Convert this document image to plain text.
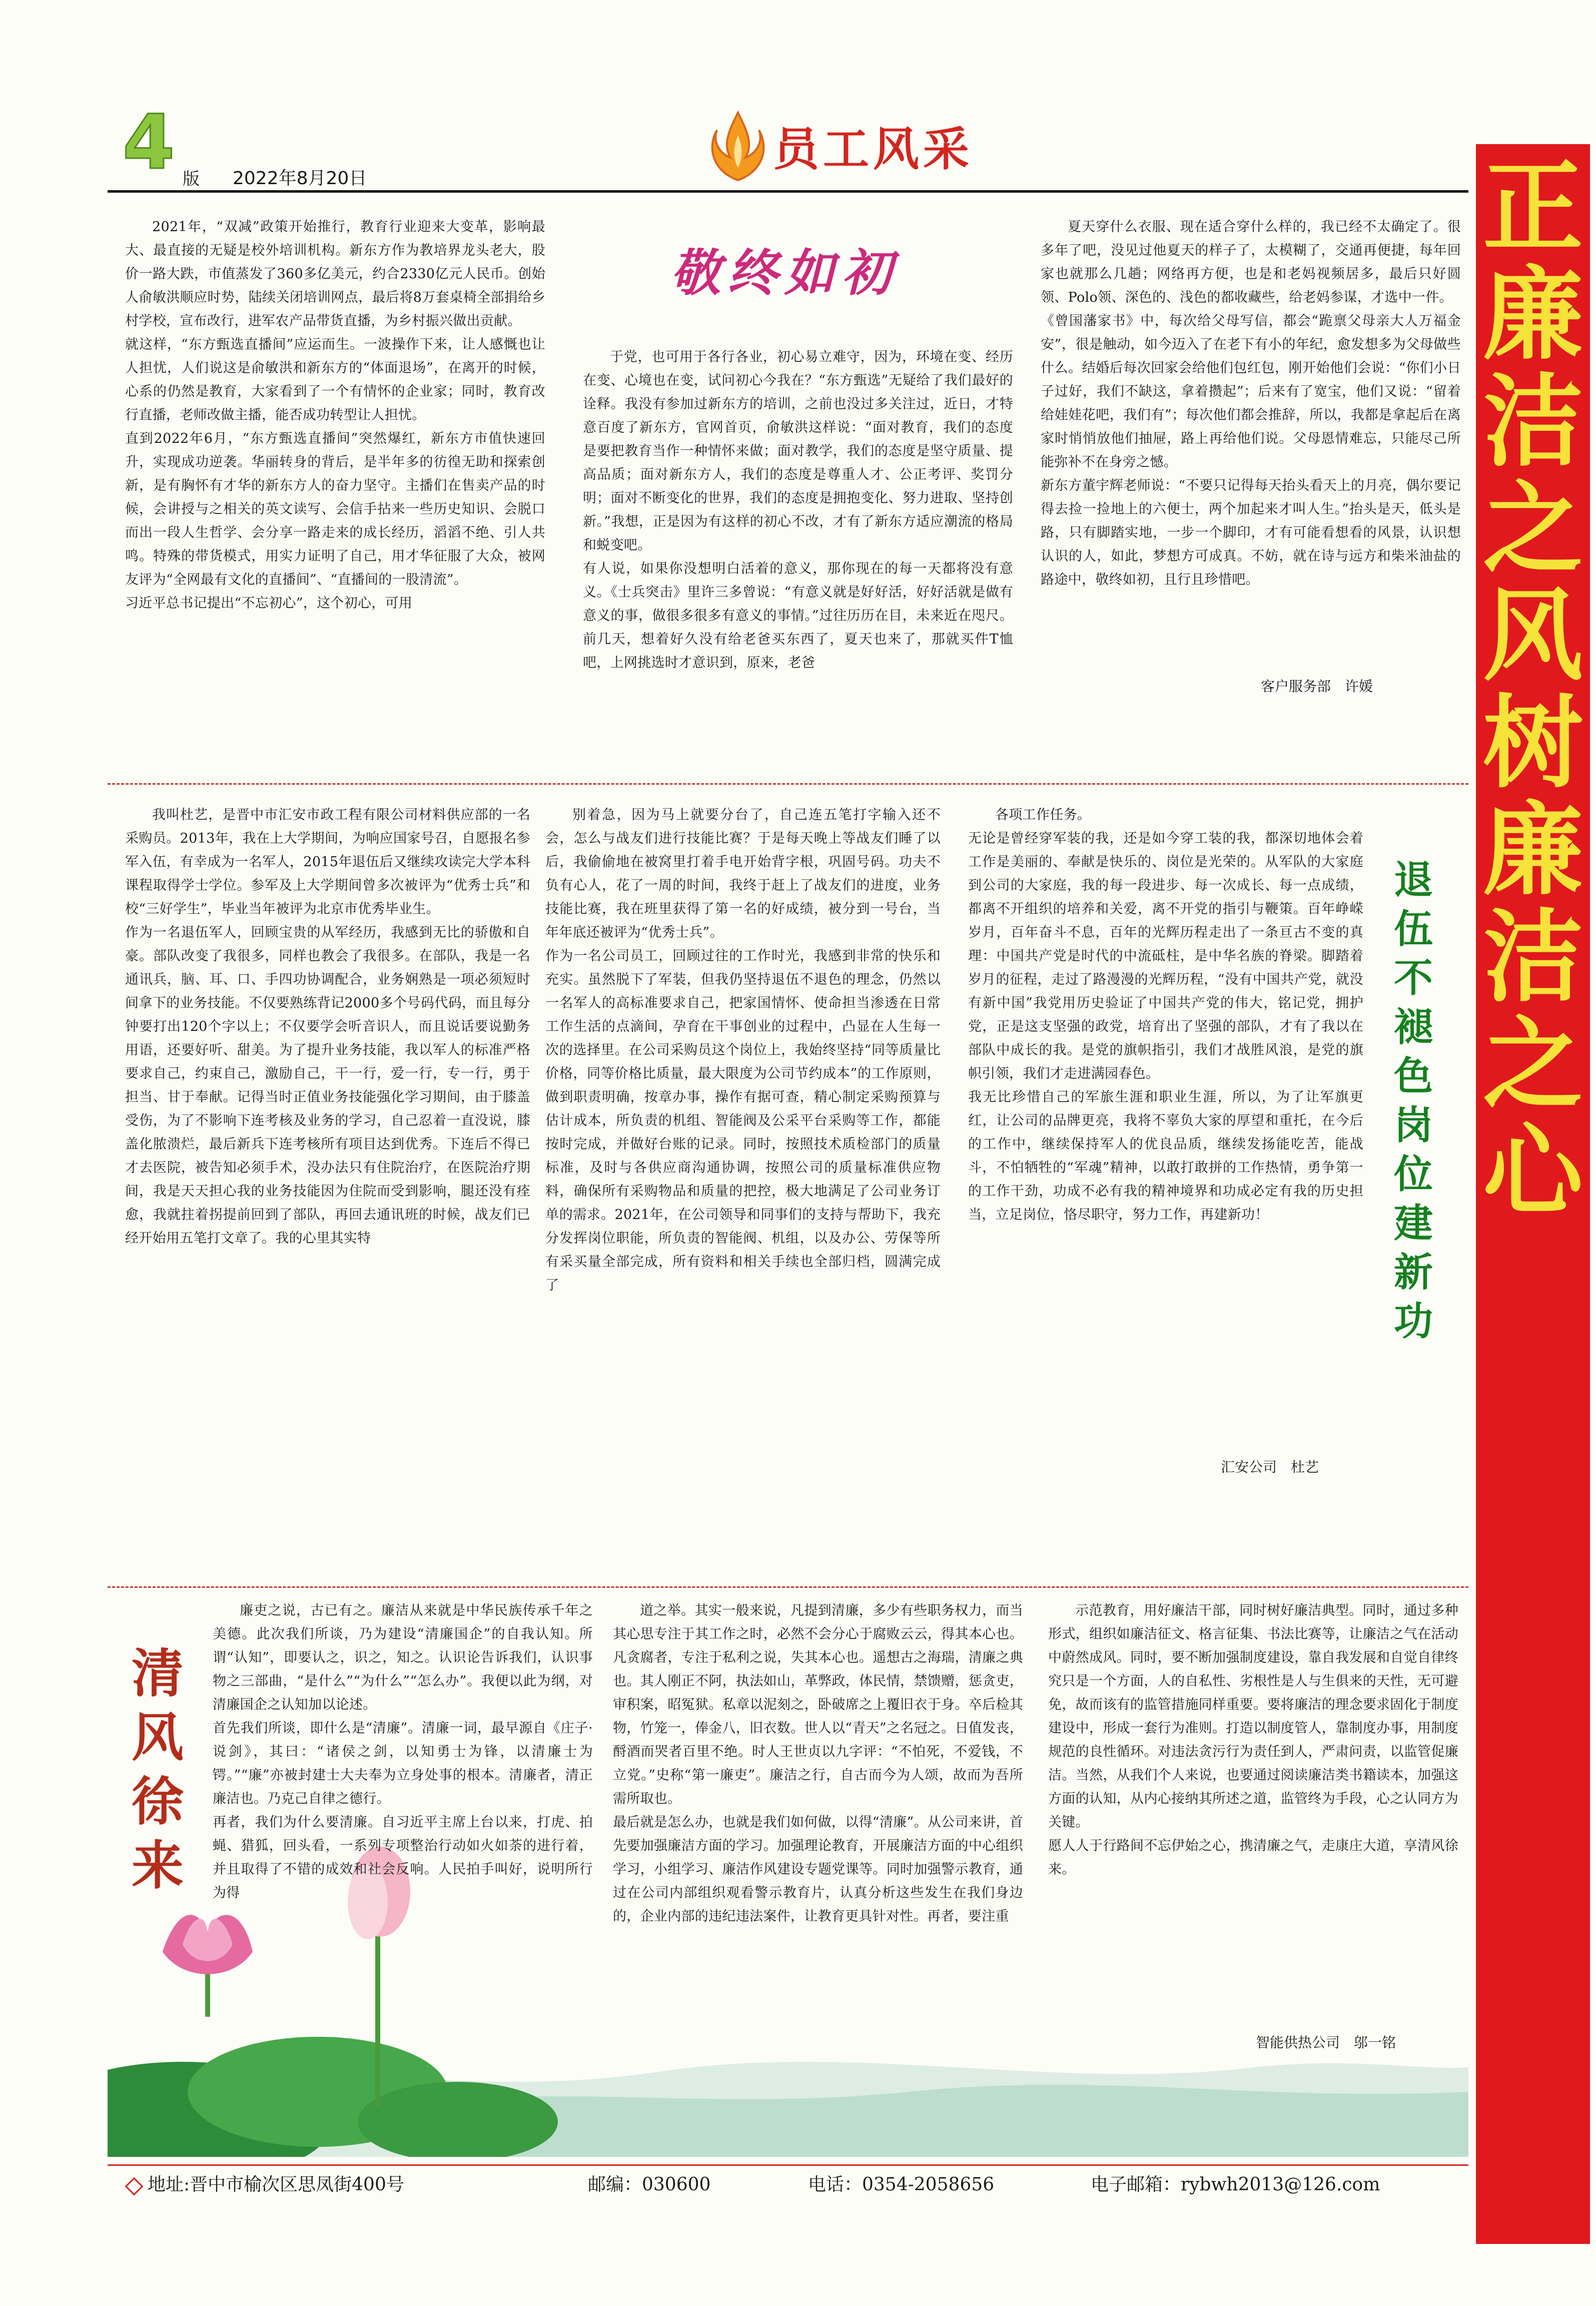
4 版 2022年8月20日
员工风采	正廉洁之风 树廉洁之心
2021年，“双减”政策开始推行，教育行业迎来大变革，影响最大、最直接的无疑是校外培训机构。新东方作为教培界龙头老大，股价一路大跌，市值蒸发了360多亿美元，约合2330亿元人民币。创始人俞敏洪顺应时势，陆续关闭培训网点，最后将8万套桌椅全部捐给乡村学校，宣布改行，进军农产品带货直播，为乡村振兴做出贡献。
就这样，“东方甄选直播间”应运而生。一波操作下来，让人感慨也让人担忧，人们说这是俞敏洪和新东方的“体面退场”，在离开的时候，心系的仍然是教育，大家看到了一个有情怀的企业家；同时，教育改行直播，老师改做主播，能否成功转型让人担忧。
直到2022年6月，“东方甄选直播间”突然爆红，新东方市值快速回升，实现成功逆袭。华丽转身的背后，是半年多的彷徨无助和探索创新，是有胸怀有才华的新东方人的奋力坚守。主播们在售卖产品的时候，会讲授与之相关的英文读写、会信手拈来一些历史知识、会脱口而出一段人生哲学、会分享一路走来的成长经历，滔滔不绝、引人共鸣。特殊的带货模式，用实力证明了自己，用才华征服了大众，被网友评为“全网最有文化的直播间”、“直播间的一股清流”。
习近平总书记提出“不忘初心”，这个初心，可用
敬终如初
于党，也可用于各行各业，初心易立难守，因为，环境在变、经历在变、心境也在变，试问初心今我在？“东方甄选”无疑给了我们最好的诠释。我没有参加过新东方的培训，之前也没过多关注过，近日，才特意百度了新东方，官网首页，俞敏洪这样说：“面对教育，我们的态度是要把教育当作一种情怀来做；面对教学，我们的态度是坚守质量、提高品质；面对新东方人，我们的态度是尊重人才、公正考评、奖罚分明；面对不断变化的世界，我们的态度是拥抱变化、努力进取、坚持创新。”我想，正是因为有这样的初心不改，才有了新东方适应潮流的格局和蜕变吧。
有人说，如果你没想明白活着的意义，那你现在的每一天都将没有意义。《士兵突击》里许三多曾说：“有意义就是好好活，好好活就是做有意义的事，做很多很多有意义的事情。”过往历历在目，未来近在咫尺。前几天，想着好久没有给老爸买东西了，夏天也来了，那就买件T恤吧，上网挑选时才意识到，原来，老爸
夏天穿什么衣服、现在适合穿什么样的，我已经不太确定了。很多年了吧，没见过他夏天的样子了，太模糊了，交通再便捷，每年回家也就那么几趟；网络再方便，也是和老妈视频居多，最后只好圆领、Polo领、深色的、浅色的都收藏些，给老妈参谋，才选中一件。
《曾国藩家书》中，每次给父母写信，都会“跪禀父母亲大人万福金安”，很是触动，如今迈入了在老下有小的年纪，愈发想多为父母做些什么。结婚后每次回家会给他们包红包，刚开始他们会说：“你们小日子过好，我们不缺这，拿着攒起”；后来有了宽宝，他们又说：“留着给娃娃花吧，我们有”；每次他们都会推辞，所以，我都是拿起后在离家时悄悄放他们抽屉，路上再给他们说。父母恩情难忘，只能尽己所能弥补不在身旁之憾。
新东方董宇辉老师说：“不要只记得每天抬头看天上的月亮，偶尔要记得去捡一捡地上的六便士，两个加起来才叫人生。”抬头是天，低头是路，只有脚踏实地，一步一个脚印，才有可能看想看的风景，认识想认识的人，如此，梦想方可成真。不妨，就在诗与远方和柴米油盐的路途中，敬终如初，且行且珍惜吧。
客户服务部　许媛
我叫杜艺，是晋中市汇安市政工程有限公司材料供应部的一名采购员。2013年，我在上大学期间，为响应国家号召，自愿报名参军入伍，有幸成为一名军人，2015年退伍后又继续攻读完大学本科课程取得学士学位。参军及上大学期间曾多次被评为“优秀士兵”和校“三好学生”，毕业当年被评为北京市优秀毕业生。
作为一名退伍军人，回顾宝贵的从军经历，我感到无比的骄傲和自豪。部队改变了我很多，同样也教会了我很多。在部队，我是一名通讯兵，脑、耳、口、手四功协调配合，业务娴熟是一项必须短时间拿下的业务技能。不仅要熟练背记2000多个号码代码，而且每分钟要打出120个字以上；不仅要学会听音识人，而且说话要说勤务用语，还要好听、甜美。为了提升业务技能，我以军人的标准严格要求自己，约束自己，激励自己，干一行，爱一行，专一行，勇于担当、甘于奉献。记得当时正值业务技能强化学习期间，由于膝盖受伤，为了不影响下连考核及业务的学习，自己忍着一直没说，膝盖化脓溃烂，最后新兵下连考核所有项目达到优秀。下连后不得已才去医院，被告知必须手术，没办法只有住院治疗，在医院治疗期间，我是天天担心我的业务技能因为住院而受到影响，腿还没有痊愈，我就拄着拐提前回到了部队，再回去通讯班的时候，战友们已经开始用五笔打文章了。我的心里其实特
别着急，因为马上就要分台了，自己连五笔打字输入还不会，怎么与战友们进行技能比赛？于是每天晚上等战友们睡了以后，我偷偷地在被窝里打着手电开始背字根，巩固号码。功夫不负有心人，花了一周的时间，我终于赶上了战友们的进度，业务技能比赛，我在班里获得了第一名的好成绩，被分到一号台，当年年底还被评为“优秀士兵”。
作为一名公司员工，回顾过往的工作时光，我感到非常的快乐和充实。虽然脱下了军装，但我仍坚持退伍不退色的理念，仍然以一名军人的高标准要求自己，把家国情怀、使命担当渗透在日常工作生活的点滴间，孕育在干事创业的过程中，凸显在人生每一次的选择里。在公司采购员这个岗位上，我始终坚持“同等质量比价格，同等价格比质量，最大限度为公司节约成本”的工作原则，做到职责明确，按章办事，操作有据可查，精心制定采购预算与估计成本，所负责的机组、智能阀及公采平台采购等工作，都能按时完成，并做好台账的记录。同时，按照技术质检部门的质量标准，及时与各供应商沟通协调，按照公司的质量标准供应物料，确保所有采购物品和质量的把控，极大地满足了公司业务订单的需求。2021年，在公司领导和同事们的支持与帮助下，我充分发挥岗位职能，所负责的智能阀、机组，以及办公、劳保等所有采买量全部完成，所有资料和相关手续也全部归档，圆满完成了
各项工作任务。
无论是曾经穿军装的我，还是如今穿工装的我，都深切地体会着工作是美丽的、奉献是快乐的、岗位是光荣的。从军队的大家庭到公司的大家庭，我的每一段进步、每一次成长、每一点成绩，都离不开组织的培养和关爱，离不开党的指引与鞭策。百年峥嵘岁月，百年奋斗不息，百年的光辉历程走出了一条亘古不变的真理：中国共产党是时代的中流砥柱，是中华名族的脊梁。脚踏着岁月的征程，走过了路漫漫的光辉历程，“没有中国共产党，就没有新中国”我党用历史验证了中国共产党的伟大，铭记党，拥护党，正是这支坚强的政党，培育出了坚强的部队，才有了我以在部队中成长的我。是党的旗帜指引，我们才战胜风浪，是党的旗帜引领，我们才走进满园春色。
我无比珍惜自己的军旅生涯和职业生涯，所以，为了让军旗更红，让公司的品牌更亮，我将不辜负大家的厚望和重托，在今后的工作中，继续保持军人的优良品质，继续发扬能吃苦，能战斗，不怕牺牲的“军魂”精神，以敢打敢拼的工作热情，勇争第一的工作干劲，功成不必有我的精神境界和功成必定有我的历史担当，立足岗位，恪尽职守，努力工作，再建新功！
退伍不褪色 岗位建新功
汇安公司　杜艺
清风徐来
廉吏之说，古已有之。廉洁从来就是中华民族传承千年之美德。此次我们所谈，乃为建设“清廉国企”的自我认知。所谓“认知”，即要认之，识之，知之。认识论告诉我们，认识事物之三部曲，“是什么”“为什么”“怎么办”。我便以此为纲，对清廉国企之认知加以论述。
首先我们所谈，即什么是“清廉”。清廉一词，最早源自《庄子·说剑》，其曰：“诸侯之剑，以知勇士为锋，以清廉士为锷。”“廉”亦被封建士大夫奉为立身处事的根本。清廉者，清正廉洁也。乃克己自律之德行。
再者，我们为什么要清廉。自习近平主席上台以来，打虎、拍蝇、猎狐，回头看，一系列专项整治行动如火如荼的进行着，并且取得了不错的成效和社会反响。人民拍手叫好，说明所行为得
道之举。其实一般来说，凡提到清廉，多少有些职务权力，而当其心思专注于其工作之时，必然不会分心于腐败云云，得其本心也。凡贪腐者，专注于私利之说，失其本心也。遥想古之海瑞，清廉之典也。其人刚正不阿，执法如山，革弊政，体民情，禁馈赠，惩贪吏，审积案，昭冤狱。私章以泥刻之，卧破席之上覆旧衣于身。卒后检其物，竹笼一，俸金八，旧衣数。世人以“青天”之名冠之。日值发丧，酹酒而哭者百里不绝。时人王世贞以九字评：“不怕死，不爱钱，不立党。”史称“第一廉吏”。廉洁之行，自古而今为人颂，故而为吾所需所取也。
最后就是怎么办，也就是我们如何做，以得“清廉”。从公司来讲，首先要加强廉洁方面的学习。加强理论教育，开展廉洁方面的中心组织学习，小组学习、廉洁作风建设专题党课等。同时加强警示教育，通过在公司内部组织观看警示教育片，认真分析这些发生在我们身边的，企业内部的违纪违法案件，让教育更具针对性。再者，要注重
示范教育，用好廉洁干部，同时树好廉洁典型。同时，通过多种形式，组织如廉洁征文、格言征集、书法比赛等，让廉洁之气在活动中蔚然成风。同时，要不断加强制度建设，靠自我发展和自觉自律终究只是一个方面，人的自私性、劣根性是人与生俱来的天性，无可避免，故而该有的监管措施同样重要。要将廉洁的理念要求固化于制度建设中，形成一套行为准则。打造以制度管人，靠制度办事，用制度规范的良性循环。对违法贪污行为责任到人，严肃问责，以监管促廉洁。当然，从我们个人来说，也要通过阅读廉洁类书籍读本，加强这方面的认知，从内心接纳其所述之道，监管终为手段，心之认同方为关键。
愿人人于行路间不忘伊始之心，携清廉之气，走康庄大道，享清风徐来。
智能供热公司　邬一铭
地址:晋中市榆次区思凤街400号	邮编：030600	电话：0354-2058656	电子邮箱：rybwh2013@126.com
